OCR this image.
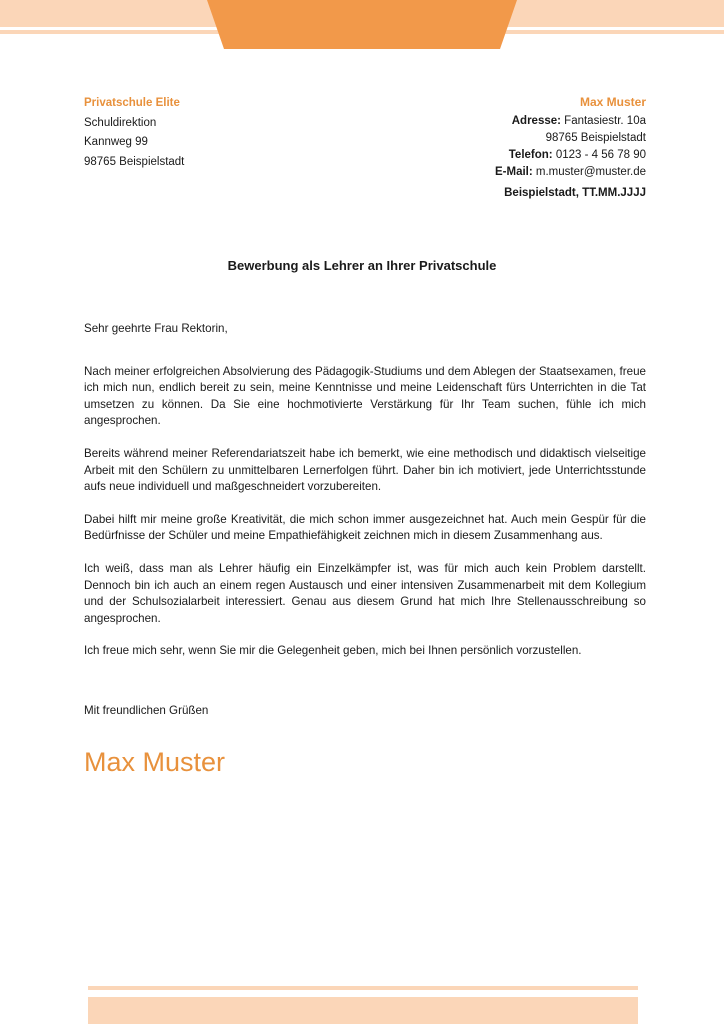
Privatschule Elite
Schuldirektion
Kannweg 99
98765 Beispielstadt
Max Muster
Adresse: Fantasiestr. 10a
98765 Beispielstadt
Telefon: 0123 - 4 56 78 90
E-Mail: m.muster@muster.de
Beispielstadt, TT.MM.JJJJ
Bewerbung als Lehrer an Ihrer Privatschule

Sehr geehrte Frau Rektorin,

Nach meiner erfolgreichen Absolvierung des Pädagogik-Studiums und dem Ablegen der Staatsexamen, freue ich mich nun, endlich bereit zu sein, meine Kenntnisse und meine Leidenschaft fürs Unterrichten in die Tat umsetzen zu können. Da Sie eine hochmotivierte Verstärkung für Ihr Team suchen, fühle ich mich angesprochen.

Bereits während meiner Referendariatszeit habe ich bemerkt, wie eine methodisch und didaktisch vielseitige Arbeit mit den Schülern zu unmittelbaren Lernerfolgen führt. Daher bin ich motiviert, jede Unterrichtsstunde aufs neue individuell und maßgeschneidert vorzubereiten.

Dabei hilft mir meine große Kreativität, die mich schon immer ausgezeichnet hat. Auch mein Gespür für die Bedürfnisse der Schüler und meine Empathiefähigkeit zeichnen mich in diesem Zusammenhang aus.

Ich weiß, dass man als Lehrer häufig ein Einzelkämpfer ist, was für mich auch kein Problem darstellt. Dennoch bin ich auch an einem regen Austausch und einer intensiven Zusammenarbeit mit dem Kollegium und der Schulsozialarbeit interessiert. Genau aus diesem Grund hat mich Ihre Stellenausschreibung so angesprochen.

Ich freue mich sehr, wenn Sie mir die Gelegenheit geben, mich bei Ihnen persönlich vorzustellen.

Mit freundlichen Grüßen

Max Muster
